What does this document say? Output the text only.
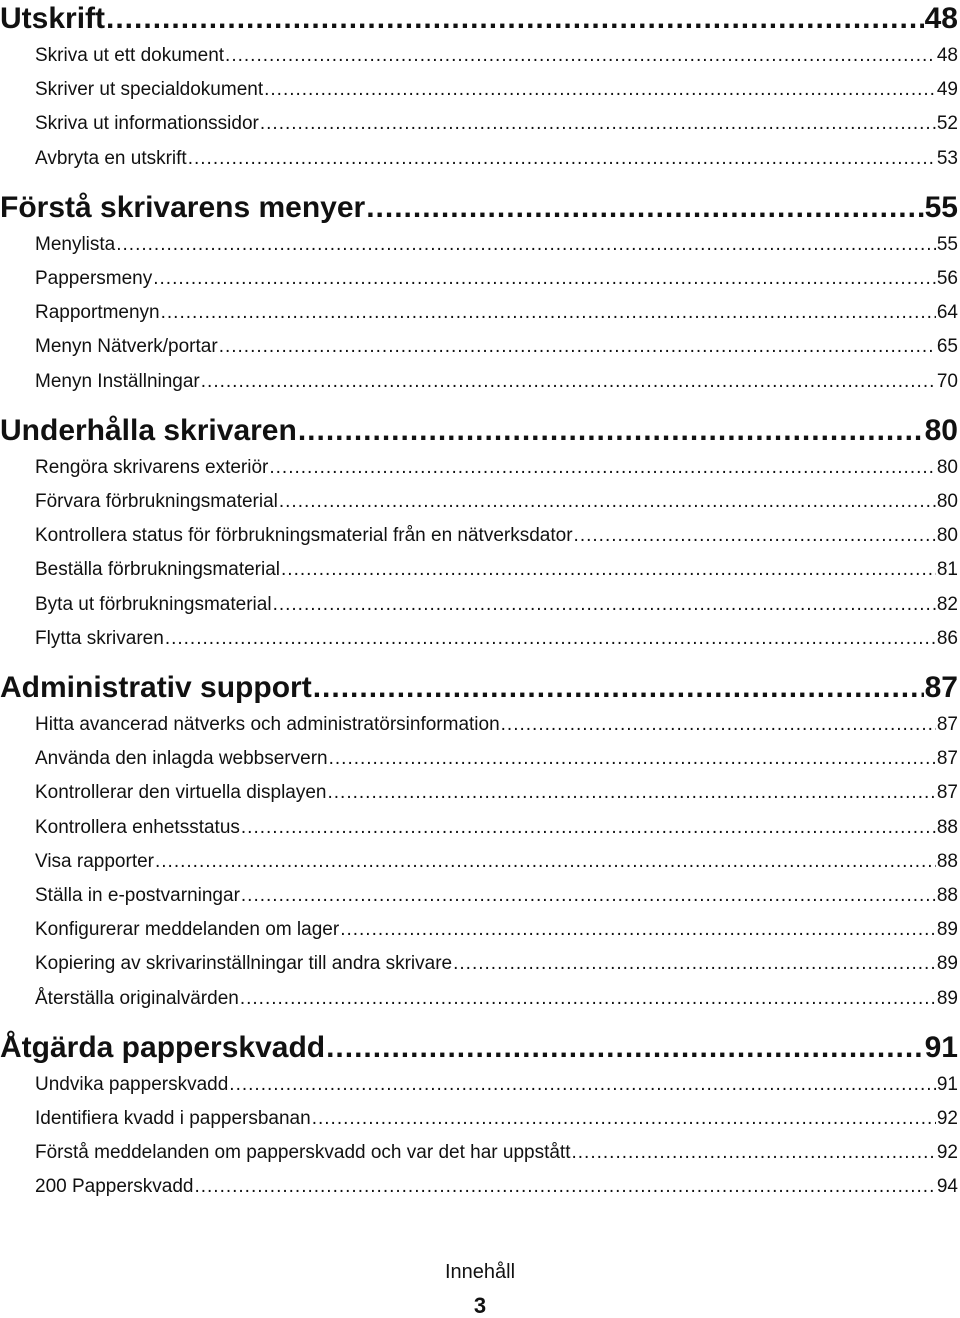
Utskrift .....	48
Skriva ut ett dokument .....	48
Skriver ut specialdokument .....	49
Skriva ut informationssidor .....	52
Avbryta en utskrift .....	53
Förstå skrivarens menyer .....	55
Menylista .....	55
Pappersmeny .....	56
Rapportmenyn .....	64
Menyn Nätverk/portar .....	65
Menyn Inställningar .....	70
Underhålla skrivaren .....	80
Rengöra skrivarens exteriör .....	80
Förvara förbrukningsmaterial .....	80
Kontrollera status för förbrukningsmaterial från en nätverksdator .....	80
Beställa förbrukningsmaterial .....	81
Byta ut förbrukningsmaterial .....	82
Flytta skrivaren .....	86
Administrativ support .....	87
Hitta avancerad nätverks och administratörsinformation .....	87
Använda den inlagda webbservern .....	87
Kontrollerar den virtuella displayen .....	87
Kontrollera enhetsstatus .....	88
Visa rapporter .....	88
Ställa in e-postvarningar .....	88
Konfigurerar meddelanden om lager .....	89
Kopiering av skrivarinställningar till andra skrivare .....	89
Återställa originalvärden .....	89
Åtgärda papperskvadd .....	91
Undvika papperskvadd .....	91
Identifiera kvadd i pappersbanan .....	92
Förstå meddelanden om papperskvadd och var det har uppstått .....	92
200 Papperskvadd .....	94
Innehåll
3
